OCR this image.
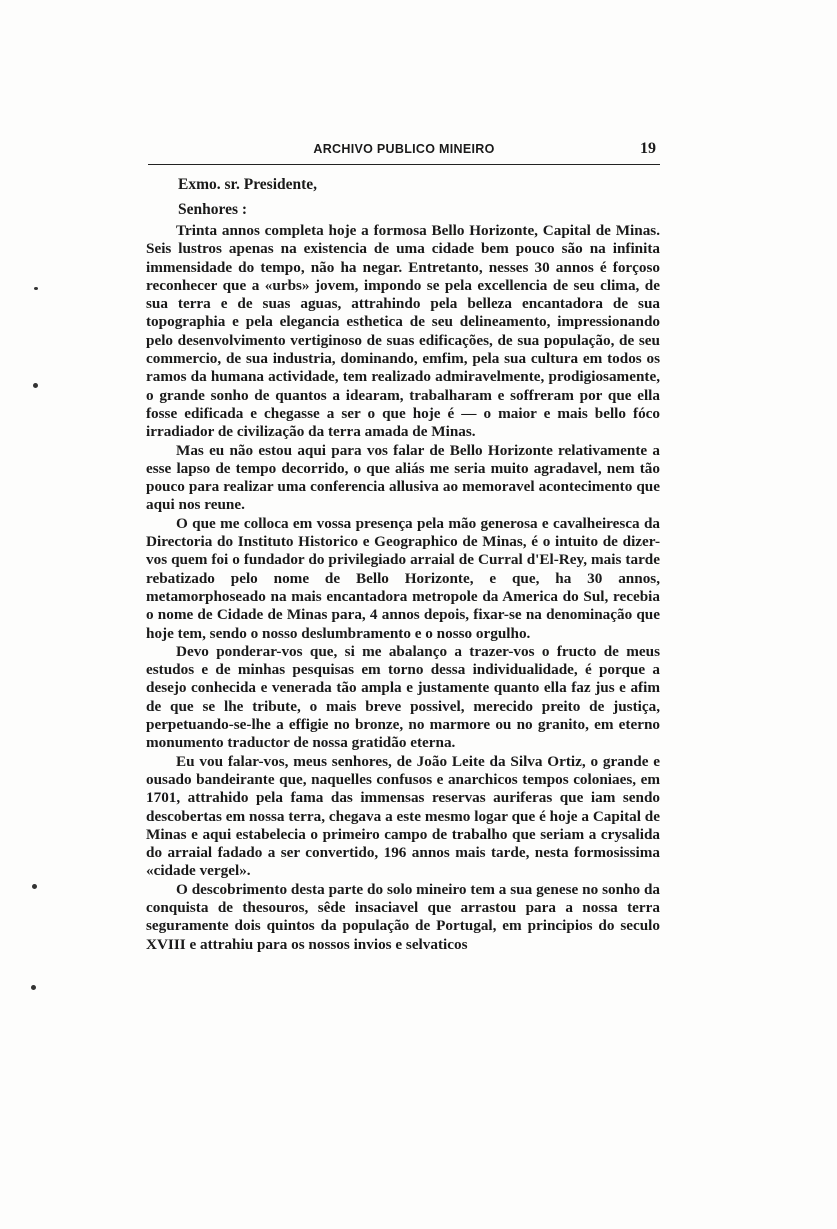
ARCHIVO PUBLICO MINEIRO	19

Exmo. sr. Presidente,

Senhores :

Trinta annos completa hoje a formosa Bello Horizonte, Capital de Minas. Seis lustros apenas na existencia de uma cidade bem pouco são na infinita immensidade do tempo, não ha negar. Entretanto, nesses 30 annos é forçoso reconhecer que a «urbs» jovem, impondo se pela excellencia de seu clima, de sua terra e de suas aguas, attrahindo pela belleza encantadora de sua topographia e pela elegancia esthetica de seu delineamento, impressionando pelo desenvolvimento vertiginoso de suas edificações, de sua população, de seu commercio, de sua industria, dominando, emfim, pela sua cultura em todos os ramos da humana actividade, tem realizado admiravelmente, prodigiosamente, o grande sonho de quantos a idearam, trabalharam e soffreram por que ella fosse edificada e chegasse a ser o que hoje é — o maior e mais bello fóco irradiador de civilização da terra amada de Minas.

Mas eu não estou aqui para vos falar de Bello Horizonte relativamente a esse lapso de tempo decorrido, o que aliás me seria muito agradavel, nem tão pouco para realizar uma conferencia allusiva ao memoravel acontecimento que aqui nos reune.

O que me colloca em vossa presença pela mão generosa e cavalheiresca da Directoria do Instituto Historico e Geographico de Minas, é o intuito de dizer-vos quem foi o fundador do privilegiado arraial de Curral d'El-Rey, mais tarde rebatizado pelo nome de Bello Horizonte, e que, ha 30 annos, metamorphoseado na mais encantadora metropole da America do Sul, recebia o nome de Cidade de Minas para, 4 annos depois, fixar-se na denominação que hoje tem, sendo o nosso deslumbramento e o nosso orgulho.

Devo ponderar-vos que, si me abalanço a trazer-vos o fructo de meus estudos e de minhas pesquisas em torno dessa individualidade, é porque a desejo conhecida e venerada tão ampla e justamente quanto ella faz jus e afim de que se lhe tribute, o mais breve possivel, merecido preito de justiça, perpetuando-se-lhe a effigie no bronze, no marmore ou no granito, em eterno monumento traductor de nossa gratidão eterna.

Eu vou falar-vos, meus senhores, de João Leite da Silva Ortiz, o grande e ousado bandeirante que, naquelles confusos e anarchicos tempos coloniaes, em 1701, attrahido pela fama das immensas reservas auriferas que iam sendo descobertas em nossa terra, chegava a este mesmo logar que é hoje a Capital de Minas e aqui estabelecia o primeiro campo de trabalho que seriam a crysalida do arraial fadado a ser convertido, 196 annos mais tarde, nesta formosissima «cidade vergel».

O descobrimento desta parte do solo mineiro tem a sua genese no sonho da conquista de thesouros, sêde insaciavel que arrastou para a nossa terra seguramente dois quintos da população de Portugal, em principios do seculo XVIII e attrahiu para os nossos invios e selvaticos
